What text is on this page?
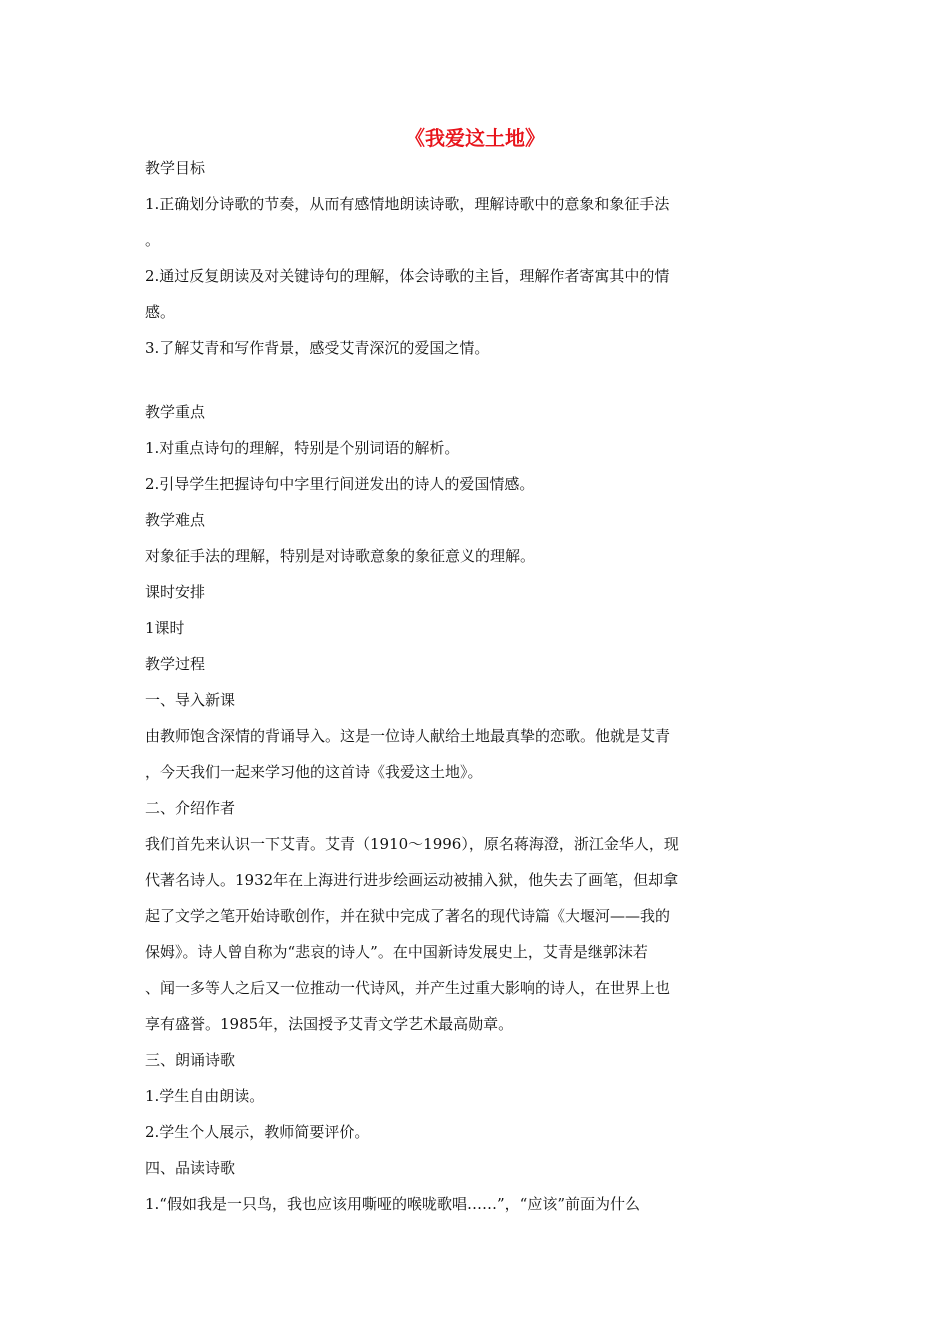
《我爱这土地》

教学目标

1.正确划分诗歌的节奏，从而有感情地朗读诗歌，理解诗歌中的意象和象征手法

。

2.通过反复朗读及对关键诗句的理解，体会诗歌的主旨，理解作者寄寓其中的情

感。

3.了解艾青和写作背景，感受艾青深沉的爱国之情。

教学重点

1.对重点诗句的理解，特别是个别词语的解析。

2.引导学生把握诗句中字里行间迸发出的诗人的爱国情感。

教学难点

对象征手法的理解，特别是对诗歌意象的象征意义的理解。

课时安排

1课时

教学过程

一、导入新课

由教师饱含深情的背诵导入。这是一位诗人献给土地最真挚的恋歌。他就是艾青

，今天我们一起来学习他的这首诗《我爱这土地》。

二、介绍作者

我们首先来认识一下艾青。艾青（1910～1996），原名蒋海澄，浙江金华人，现

代著名诗人。1932年在上海进行进步绘画运动被捕入狱，他失去了画笔，但却拿

起了文学之笔开始诗歌创作，并在狱中完成了著名的现代诗篇《大堰河——我的

保姆》。诗人曾自称为“悲哀的诗人”。在中国新诗发展史上，艾青是继郭沫若

、闻一多等人之后又一位推动一代诗风，并产生过重大影响的诗人，在世界上也

享有盛誉。1985年，法国授予艾青文学艺术最高勋章。

三、朗诵诗歌

1.学生自由朗读。

2.学生个人展示，教师简要评价。

四、品读诗歌

1.“假如我是一只鸟，我也应该用嘶哑的喉咙歌唱……”，“应该”前面为什么
